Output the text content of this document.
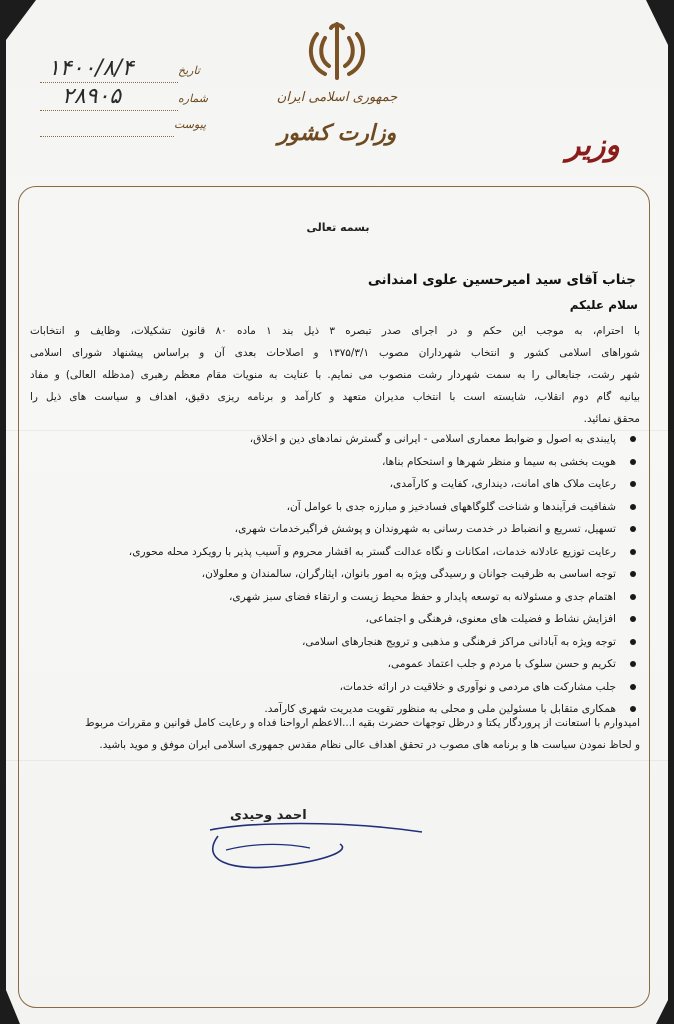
جمهوری اسلامی ایران
وزارت کشور	وزیر
تاریخ
۱۴۰۰/۸/۴
شماره
۲۸۹۰۵
پیوست
بسمه تعالی
جناب آقای سید امیرحسین علوی امندانی
سلام علیکم
با احترام، به موجب این حکم و در اجرای صدر تبصره ۳ ذیل بند ۱ ماده ۸۰ قانون تشکیلات، وظایف و انتخابات
شوراهای اسلامی کشور و انتخاب شهرداران مصوب ۱۳۷۵/۳/۱ و اصلاحات بعدی آن و براساس پیشنهاد شورای اسلامی
شهر رشت، جنابعالی را به سمت شهردار رشت منصوب می نمایم. با عنایت به منویات مقام معظم رهبری (مدظله العالی) و مفاد
بیانیه گام دوم انقلاب، شایسته است با انتخاب مدیران متعهد و کارآمد و برنامه ریزی دقیق، اهداف و سیاست های ذیل را
محقق نمائید.
پایبندی به اصول و ضوابط معماری اسلامی - ایرانی و گسترش نمادهای دین و اخلاق،
هویت بخشی به سیما و منظر شهرها و استحکام بناها،
رعایت ملاک های امانت، دینداری، کفایت و کارآمدی،
شفافیت فرآیندها و شناخت گلوگاههای فسادخیز و مبارزه جدی با عوامل آن،
تسهیل، تسریع و انضباط در خدمت رسانی به شهروندان و پوشش فراگیرخدمات شهری،
رعایت توزیع عادلانه خدمات، امکانات و نگاه عدالت گستر به اقشار محروم و آسیب پذیر با رویکرد محله محوری،
توجه اساسی به ظرفیت جوانان و رسیدگی ویژه به امور بانوان، ایثارگران، سالمندان و معلولان،
اهتمام جدی و مسئولانه به توسعه پایدار و حفظ محیط زیست و ارتقاء فضای سبز شهری،
افزایش نشاط و فضیلت های معنوی، فرهنگی و اجتماعی،
توجه ویژه به آبادانی مراکز فرهنگی و مذهبی و ترویج هنجارهای اسلامی،
تکریم و حسن سلوک با مردم و جلب اعتماد عمومی،
جلب مشارکت های مردمی و نوآوری و خلاقیت در ارائه خدمات،
همکاری متقابل با مسئولین ملی و محلی به منظور تقویت مدیریت شهری کارآمد.
امیدوارم با استعانت از پروردگار یکتا و درظل توجهات حضرت بقیه ا...الاعظم ارواحنا فداه و رعایت کامل قوانین و مقررات مربوط
و لحاظ نمودن سیاست ها و برنامه های مصوب در تحقق اهداف عالی نظام مقدس جمهوری اسلامی ایران موفق و موید باشید.
احمد وحیدی
